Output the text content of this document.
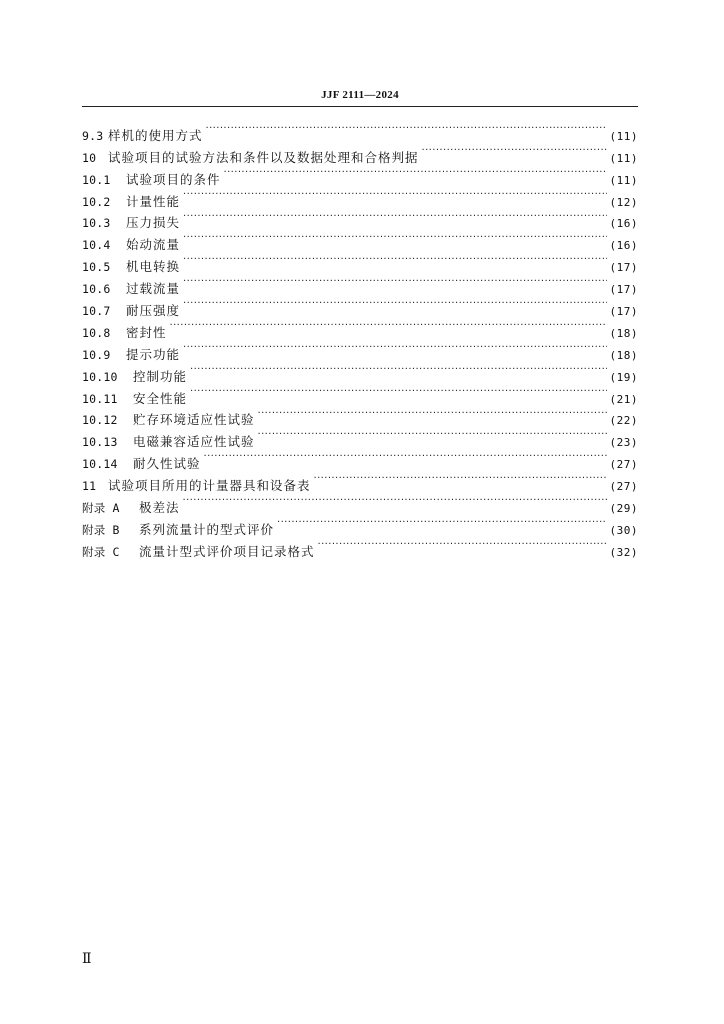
JJF 2111—2024
9.3 样机的使用方式 ·····	(11)
10 试验项目的试验方法和条件以及数据处理和合格判据 ·····	(11)
10.1	试验项目的条件 ·····	(11)
10.2	计量性能 ·····	(12)
10.3	压力损失 ·····	(16)
10.4	始动流量 ·····	(16)
10.5	机电转换 ·····	(17)
10.6	过载流量 ·····	(17)
10.7	耐压强度 ·····	(17)
10.8	密封性 ·····	(18)
10.9	提示功能 ·····	(18)
10.10	控制功能 ·····	(19)
10.11	安全性能 ·····	(21)
10.12	贮存环境适应性试验 ·····	(22)
10.13	电磁兼容适应性试验 ·····	(23)
10.14	耐久性试验 ·····	(27)
11 试验项目所用的计量器具和设备表 ·····	(27)
附录 A	极差法 ·····	(29)
附录 B	系列流量计的型式评价 ·····	(30)
附录 C	流量计型式评价项目记录格式 ·····	(32)
Ⅱ
